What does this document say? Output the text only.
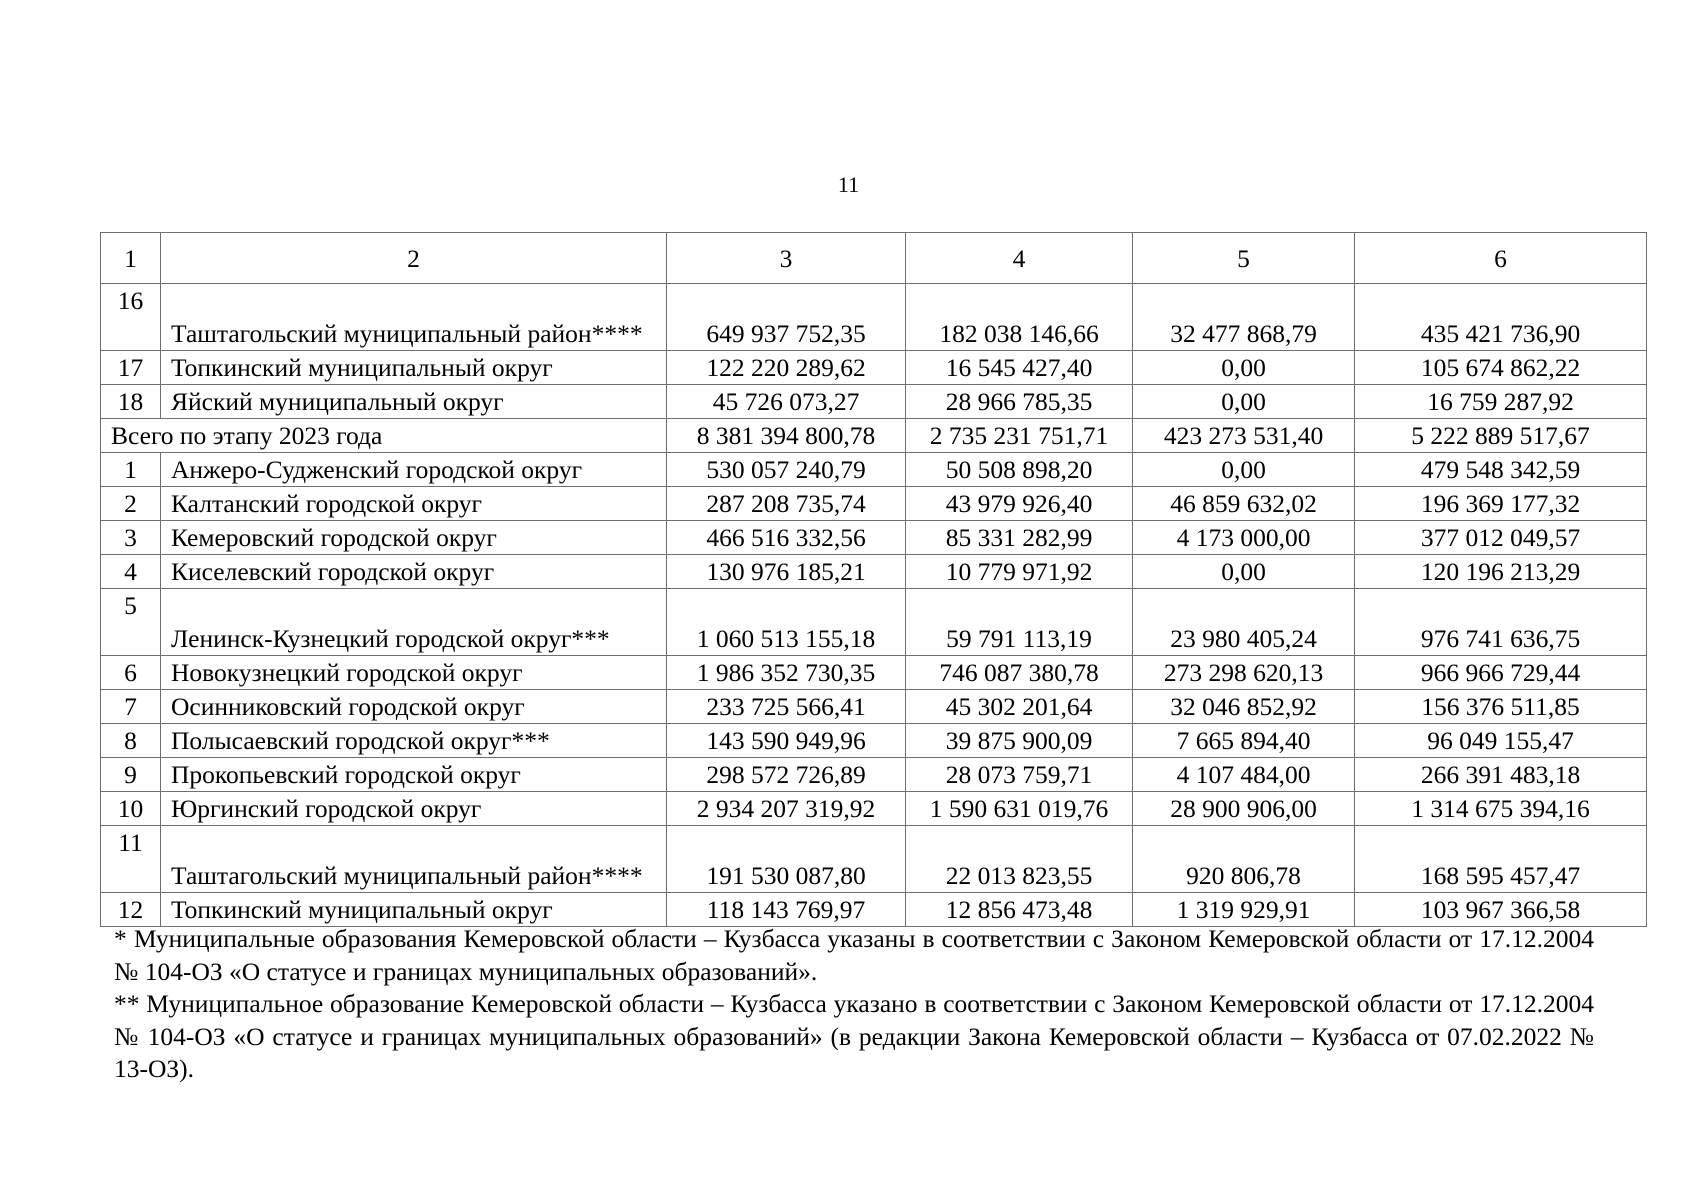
11
1	2	3	4	5	6
16	Таштагольский муниципальный район****	649 937 752,35	182 038 146,66	32 477 868,79	435 421 736,90
17	Топкинский муниципальный округ	122 220 289,62	16 545 427,40	0,00	105 674 862,22
18	Яйский муниципальный округ	45 726 073,27	28 966 785,35	0,00	16 759 287,92
Всего по этапу 2023 года		8 381 394 800,78	2 735 231 751,71	423 273 531,40	5 222 889 517,67
1	Анжеро-Судженский городской округ	530 057 240,79	50 508 898,20	0,00	479 548 342,59
2	Калтанский городской округ	287 208 735,74	43 979 926,40	46 859 632,02	196 369 177,32
3	Кемеровский городской округ	466 516 332,56	85 331 282,99	4 173 000,00	377 012 049,57
4	Киселевский городской округ	130 976 185,21	10 779 971,92	0,00	120 196 213,29
5	Ленинск-Кузнецкий городской округ***	1 060 513 155,18	59 791 113,19	23 980 405,24	976 741 636,75
6	Новокузнецкий городской округ	1 986 352 730,35	746 087 380,78	273 298 620,13	966 966 729,44
7	Осинниковский городской округ	233 725 566,41	45 302 201,64	32 046 852,92	156 376 511,85
8	Полысаевский городской округ***	143 590 949,96	39 875 900,09	7 665 894,40	96 049 155,47
9	Прокопьевский городской округ	298 572 726,89	28 073 759,71	4 107 484,00	266 391 483,18
10	Юргинский городской округ	2 934 207 319,92	1 590 631 019,76	28 900 906,00	1 314 675 394,16
11	Таштагольский муниципальный район****	191 530 087,80	22 013 823,55	920 806,78	168 595 457,47
12	Топкинский муниципальный округ	118 143 769,97	12 856 473,48	1 319 929,91	103 967 366,58

* Муниципальные образования Кемеровской области – Кузбасса указаны в соответствии с Законом Кемеровской области от 17.12.2004 № 104-ОЗ «О статусе и границах муниципальных образований».

** Муниципальное образование Кемеровской области – Кузбасса указано в соответствии с Законом Кемеровской области от 17.12.2004 № 104-ОЗ «О статусе и границах муниципальных образований» (в редакции Закона Кемеровской области – Кузбасса от 07.02.2022 № 13-ОЗ).
